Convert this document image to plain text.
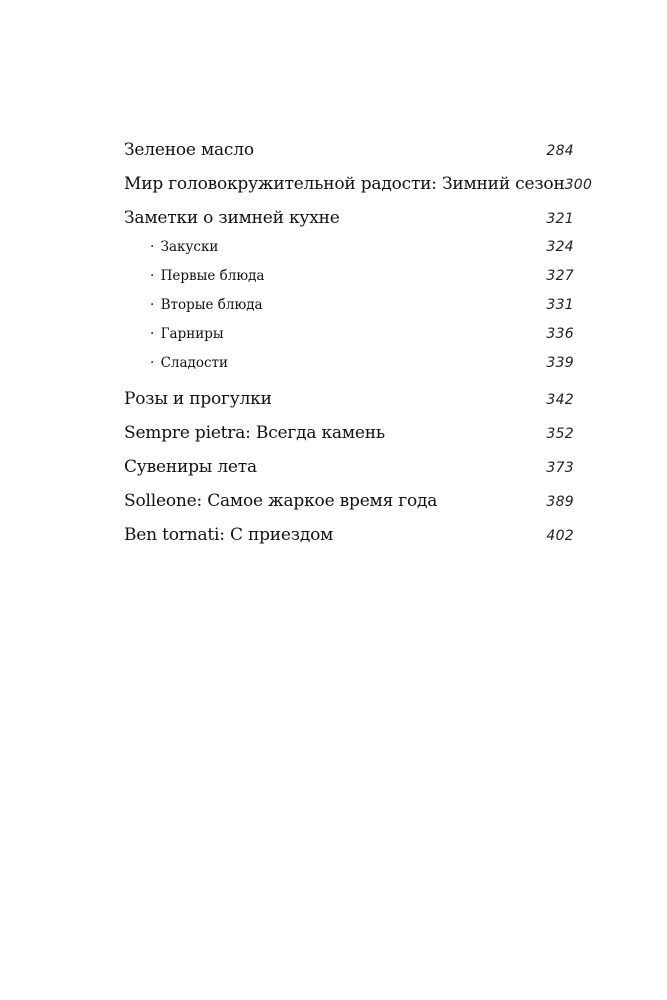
Зеленое масло	284
Мир головокружительной радости: Зимний сезон 300
Заметки о зимней кухне	321
· Закуски	324
· Первые блюда	327
· Вторые блюда	331
· Гарниры	336
· Сладости	339
Розы и прогулки	342
Sempre pietra: Всегда камень	352
Сувениры лета	373
Solleone: Самое жаркое время года	389
Ben tornati: С приездом	402
